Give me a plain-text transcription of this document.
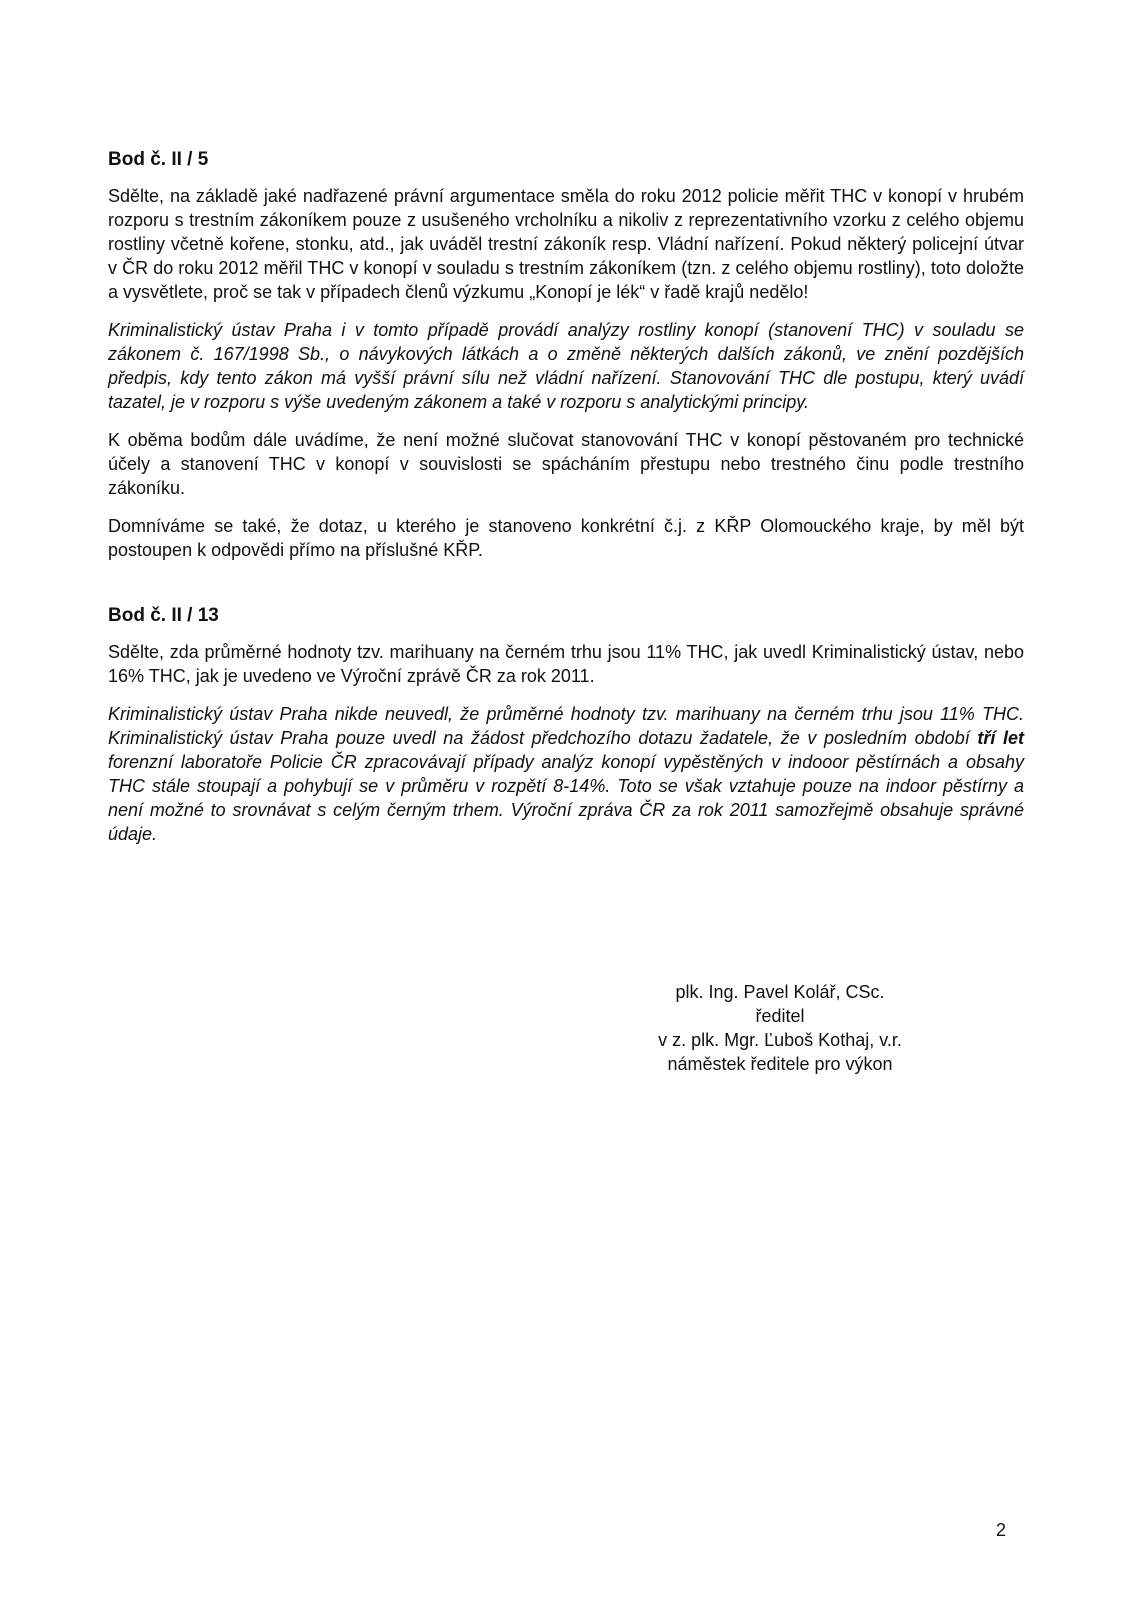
Bod č. II / 5

Sdělte, na základě jaké nadřazené právní argumentace směla do roku 2012 policie měřit THC v konopí v hrubém rozporu s trestním zákoníkem pouze z usušeného vrcholníku a nikoliv z reprezentativního vzorku z celého objemu rostliny včetně kořene, stonku, atd., jak uváděl trestní zákoník resp. Vládní nařízení. Pokud některý policejní útvar v ČR do roku 2012 měřil THC v konopí v souladu s trestním zákoníkem (tzn. z celého objemu rostliny), toto doložte a vysvětlete, proč se tak v případech členů výzkumu „Konopí je lék“ v řadě krajů nedělo!

Kriminalistický ústav Praha i v tomto případě provádí analýzy rostliny konopí (stanovení THC) v souladu se zákonem č. 167/1998 Sb., o návykových látkách a o změně některých dalších zákonů, ve znění pozdějších předpis, kdy tento zákon má vyšší právní sílu než vládní nařízení. Stanovování THC dle postupu, který uvádí tazatel, je v rozporu s výše uvedeným zákonem a také v rozporu s analytickými principy.

K oběma bodům dále uvádíme, že není možné slučovat stanovování THC v konopí pěstovaném pro technické účely a stanovení THC v konopí v souvislosti se spácháním přestupu nebo trestného činu podle trestního zákoníku.

Domníváme se také, že dotaz, u kterého je stanoveno konkrétní č.j. z KŘP Olomouckého kraje, by měl být postoupen k odpovědi přímo na příslušné KŘP.

Bod č. II / 13

Sdělte, zda průměrné hodnoty tzv. marihuany na černém trhu jsou 11% THC, jak uvedl Kriminalistický ústav, nebo 16% THC, jak je uvedeno ve Výroční zprávě ČR za rok 2011.

Kriminalistický ústav Praha nikde neuvedl, že průměrné hodnoty tzv. marihuany na černém trhu jsou 11% THC. Kriminalistický ústav Praha pouze uvedl na žádost předchozího dotazu žadatele, že v posledním období tří let forenzní laboratoře Policie ČR zpracovávají případy analýz konopí vypěstěných v indooor pěstírnách a obsahy THC stále stoupají a pohybují se v průměru v rozpětí 8-14%. Toto se však vztahuje pouze na indoor pěstírny a není možné to srovnávat s celým černým trhem. Výroční zpráva ČR za rok 2011 samozřejmě obsahuje správné údaje.

plk. Ing. Pavel Kolář, CSc.
ředitel
v z. plk. Mgr. Ľuboš Kothaj, v.r.
náměstek ředitele pro výkon
2
